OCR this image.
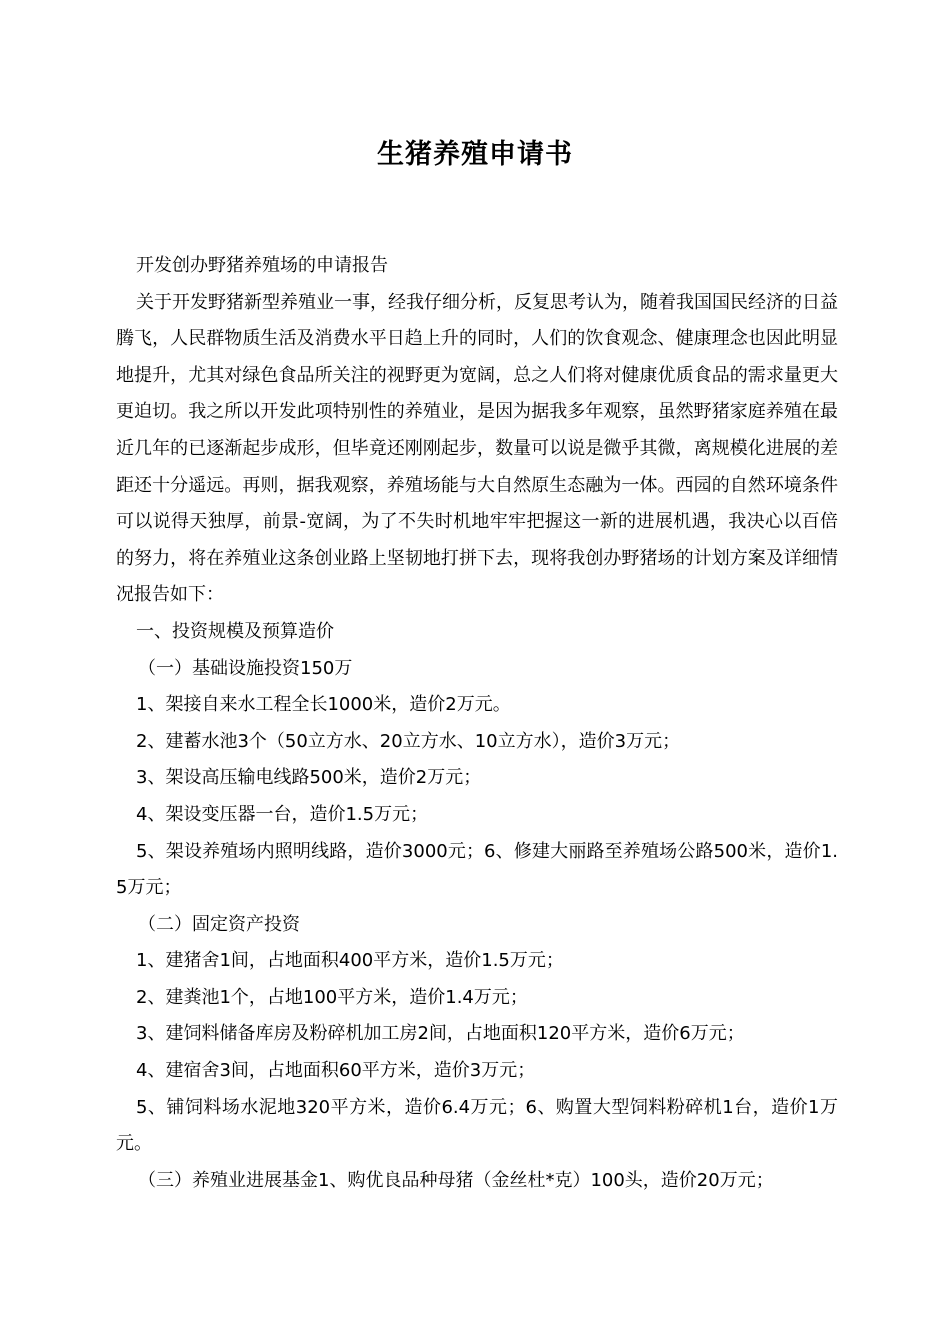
生猪养殖申请书

开发创办野猪养殖场的申请报告

关于开发野猪新型养殖业一事，经我仔细分析，反复思考认为，随着我国国民经济的日益腾飞，人民群物质生活及消费水平日趋上升的同时，人们的饮食观念、健康理念也因此明显地提升，尤其对绿色食品所关注的视野更为宽阔，总之人们将对健康优质食品的需求量更大更迫切。我之所以开发此项特别性的养殖业，是因为据我多年观察，虽然野猪家庭养殖在最近几年的已逐渐起步成形，但毕竟还刚刚起步，数量可以说是微乎其微，离规模化进展的差距还十分遥远。再则，据我观察，养殖场能与大自然原生态融为一体。西园的自然环境条件可以说得天独厚，前景-宽阔，为了不失时机地牢牢把握这一新的进展机遇，我决心以百倍的努力，将在养殖业这条创业路上坚韧地打拼下去，现将我创办野猪场的计划方案及详细情况报告如下：

一、投资规模及预算造价

（一）基础设施投资150万

1、架接自来水工程全长1000米，造价2万元。

2、建蓄水池3个（50立方水、20立方水、10立方水），造价3万元；

3、架设高压输电线路500米，造价2万元；

4、架设变压器一台，造价1.5万元；

5、架设养殖场内照明线路，造价3000元；6、修建大丽路至养殖场公路500米，造价1.5万元；

（二）固定资产投资

1、建猪舍1间，占地面积400平方米，造价1.5万元；

2、建粪池1个，占地100平方米，造价1.4万元；

3、建饲料储备库房及粉碎机加工房2间，占地面积120平方米，造价6万元；

4、建宿舍3间，占地面积60平方米，造价3万元；

5、铺饲料场水泥地320平方米，造价6.4万元；6、购置大型饲料粉碎机1台，造价1万元。

（三）养殖业进展基金1、购优良品种母猪（金丝杜*克）100头，造价20万元；
